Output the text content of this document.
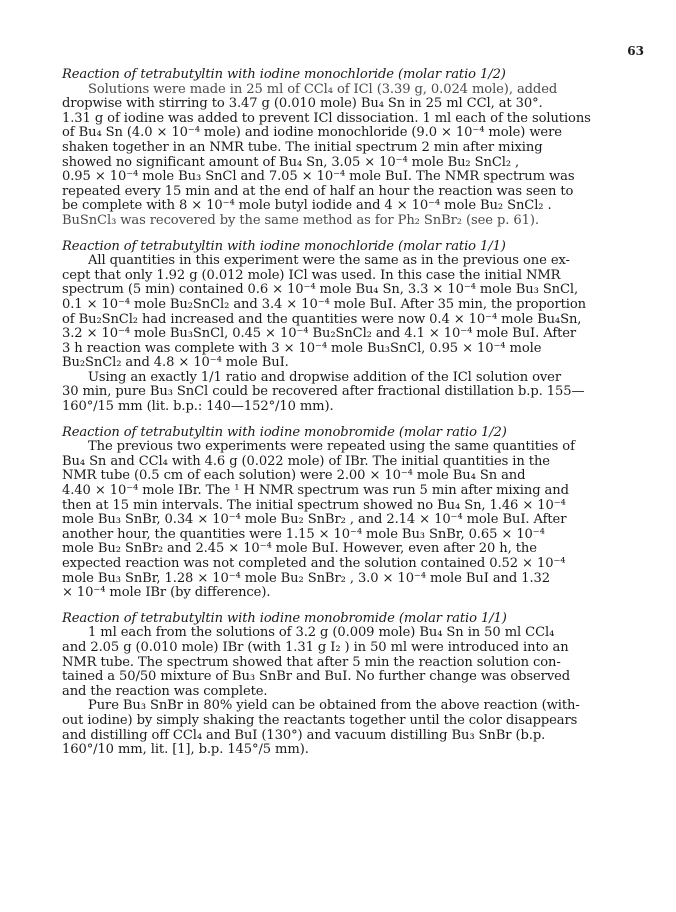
63

Reaction of tetrabutyltin with iodine monochloride (molar ratio 1/2)

Solutions were made in 25 ml of CCl₄ of ICl (3.39 g, 0.024 mole), added
dropwise with stirring to 3.47 g (0.010 mole) Bu₄ Sn in 25 ml CCl, at 30°.
1.31 g of iodine was added to prevent ICl dissociation. 1 ml each of the solutions
of Bu₄ Sn (4.0 × 10⁻⁴ mole) and iodine monochloride (9.0 × 10⁻⁴ mole) were
shaken together in an NMR tube. The initial spectrum 2 min after mixing
showed no significant amount of Bu₄ Sn, 3.05 × 10⁻⁴ mole Bu₂ SnCl₂ ,
0.95 × 10⁻⁴ mole Bu₃ SnCl and 7.05 × 10⁻⁴ mole BuI. The NMR spectrum was
repeated every 15 min and at the end of half an hour the reaction was seen to
be complete with 8 × 10⁻⁴ mole butyl iodide and 4 × 10⁻⁴ mole Bu₂ SnCl₂ .
BuSnCl₃ was recovered by the same method as for Ph₂ SnBr₂ (see p. 61).

Reaction of tetrabutyltin with iodine monochloride (molar ratio 1/1)

All quantities in this experiment were the same as in the previous one ex-
cept that only 1.92 g (0.012 mole) ICl was used. In this case the initial NMR
spectrum (5 min) contained 0.6 × 10⁻⁴ mole Bu₄ Sn, 3.3 × 10⁻⁴ mole Bu₃ SnCl,
0.1 × 10⁻⁴ mole Bu₂SnCl₂ and 3.4 × 10⁻⁴ mole BuI. After 35 min, the proportion
of Bu₂SnCl₂ had increased and the quantities were now 0.4 × 10⁻⁴ mole Bu₄Sn,
3.2 × 10⁻⁴ mole Bu₃SnCl, 0.45 × 10⁻⁴ Bu₂SnCl₂ and 4.1 × 10⁻⁴ mole BuI. After
3 h reaction was complete with 3 × 10⁻⁴ mole Bu₃SnCl, 0.95 × 10⁻⁴ mole
Bu₂SnCl₂ and 4.8 × 10⁻⁴ mole BuI.

Using an exactly 1/1 ratio and dropwise addition of the ICl solution over
30 min, pure Bu₃ SnCl could be recovered after fractional distillation b.p. 155—
160°/15 mm (lit. b.p.: 140—152°/10 mm).

Reaction of tetrabutyltin with iodine monobromide (molar ratio 1/2)

The previous two experiments were repeated using the same quantities of
Bu₄ Sn and CCl₄ with 4.6 g (0.022 mole) of IBr. The initial quantities in the
NMR tube (0.5 cm of each solution) were 2.00 × 10⁻⁴ mole Bu₄ Sn and
4.40 × 10⁻⁴ mole IBr. The ¹ H NMR spectrum was run 5 min after mixing and
then at 15 min intervals. The initial spectrum showed no Bu₄ Sn, 1.46 × 10⁻⁴
mole Bu₃ SnBr, 0.34 × 10⁻⁴ mole Bu₂ SnBr₂ , and 2.14 × 10⁻⁴ mole BuI. After
another hour, the quantities were 1.15 × 10⁻⁴ mole Bu₃ SnBr, 0.65 × 10⁻⁴
mole Bu₂ SnBr₂ and 2.45 × 10⁻⁴ mole BuI. However, even after 20 h, the
expected reaction was not completed and the solution contained 0.52 × 10⁻⁴
mole Bu₃ SnBr, 1.28 × 10⁻⁴ mole Bu₂ SnBr₂ , 3.0 × 10⁻⁴ mole BuI and 1.32
× 10⁻⁴ mole IBr (by difference).

Reaction of tetrabutyltin with iodine monobromide (molar ratio 1/1)

1 ml each from the solutions of 3.2 g (0.009 mole) Bu₄ Sn in 50 ml CCl₄
and 2.05 g (0.010 mole) IBr (with 1.31 g I₂ ) in 50 ml were introduced into an
NMR tube. The spectrum showed that after 5 min the reaction solution con-
tained a 50/50 mixture of Bu₃ SnBr and BuI. No further change was observed
and the reaction was complete.

Pure Bu₃ SnBr in 80% yield can be obtained from the above reaction (with-
out iodine) by simply shaking the reactants together until the color disappears
and distilling off CCl₄ and BuI (130°) and vacuum distilling Bu₃ SnBr (b.p.
160°/10 mm, lit. [1], b.p. 145°/5 mm).
